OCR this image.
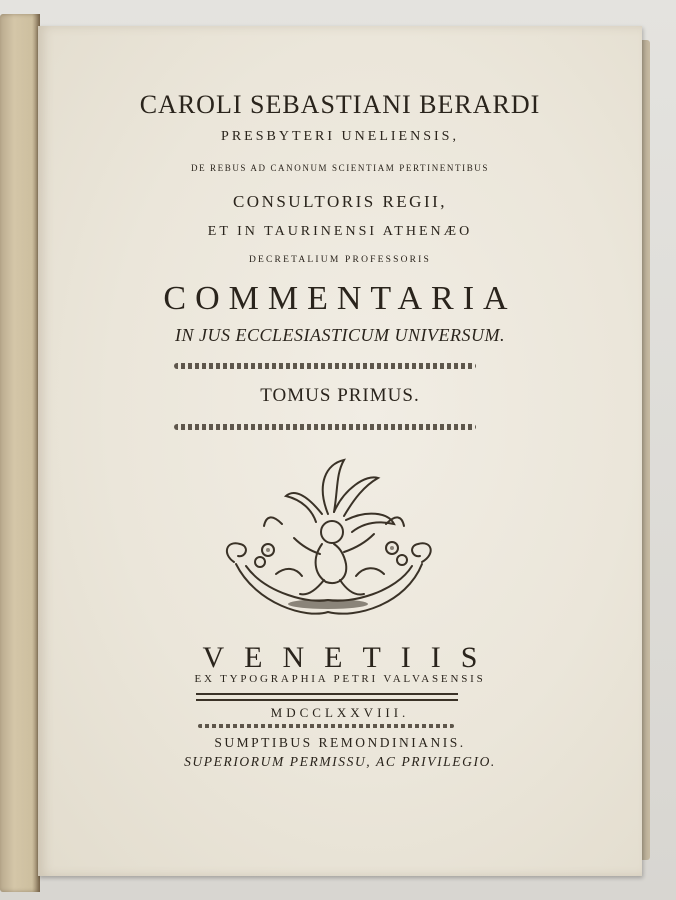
CAROLI SEBASTIANI BERARDI
PRESBYTERI UNELIENSIS,
DE REBUS AD CANONUM SCIENTIAM PERTINENTIBUS
CONSULTORIS REGII,
ET IN TAURINENSI ATHENÆO
DECRETALIUM PROFESSORIS
COMMENTARIA
IN JUS ECCLESIASTICUM UNIVERSUM.
TOMUS PRIMUS.
VENETIIS
EX TYPOGRAPHIA PETRI VALVASENSIS
MDCCLXXVIII.
SUMPTIBUS REMONDINIANIS.
SUPERIORUM PERMISSU, AC PRIVILEGIO.
